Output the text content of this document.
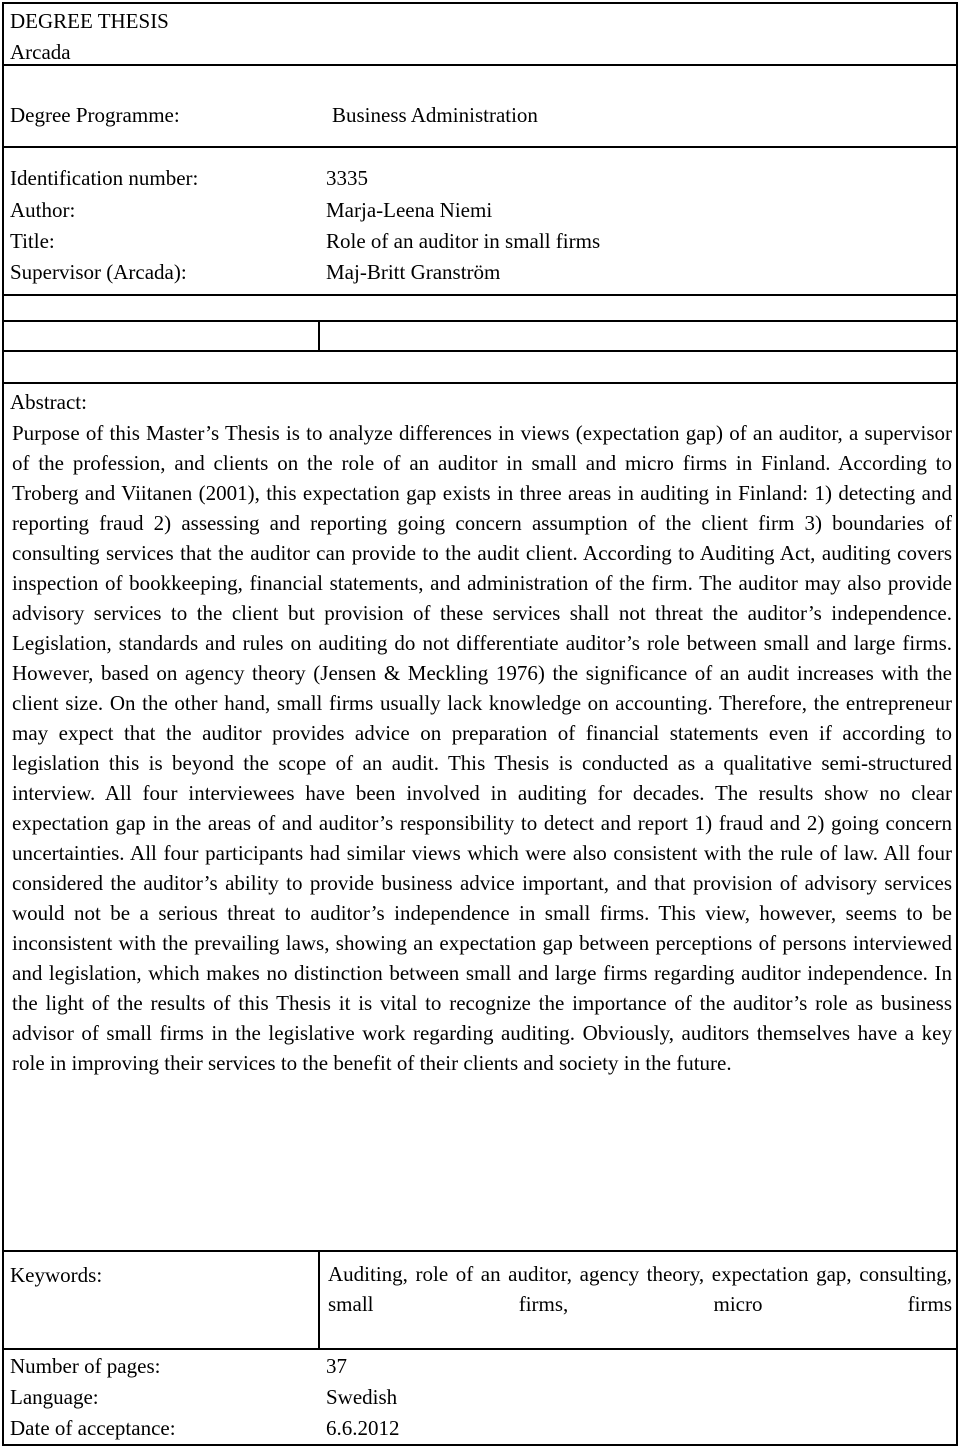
DEGREE THESIS
Arcada
Degree Programme:	Business Administration
Identification number:	3335
Author:	Marja-Leena Niemi
Title:	Role of an auditor in small firms
Supervisor (Arcada):	Maj-Britt Granström
Abstract:
Purpose of this Master’s Thesis is to analyze differences in views (expectation gap) of an auditor, a supervisor of the profession, and clients on the role of an auditor in small and micro firms in Finland. According to Troberg and Viitanen (2001), this expectation gap exists in three areas in auditing in Finland: 1) detecting and reporting fraud 2) assessing and reporting going concern assumption of the client firm 3) boundaries of consulting services that the auditor can provide to the audit client. According to Auditing Act, auditing covers inspection of bookkeeping, financial statements, and administration of the firm. The auditor may also provide advisory services to the client but provision of these services shall not threat the auditor’s independence. Legislation, standards and rules on auditing do not differentiate auditor’s role between small and large firms. However, based on agency theory (Jensen & Meckling 1976) the significance of an audit increases with the client size. On the other hand, small firms usually lack knowledge on accounting. Therefore, the entrepreneur may expect that the auditor provides advice on preparation of financial statements even if according to legislation this is beyond the scope of an audit. This Thesis is conducted as a qualitative semi-structured interview. All four interviewees have been involved in auditing for decades. The results show no clear expectation gap in the areas of and auditor’s responsibility to detect and report 1) fraud and 2) going concern uncertainties. All four participants had similar views which were also consistent with the rule of law. All four considered the auditor’s ability to provide business advice important, and that provision of advisory services would not be a serious threat to auditor’s independence in small firms. This view, however, seems to be inconsistent with the prevailing laws, showing an expectation gap between perceptions of persons interviewed and legislation, which makes no distinction between small and large firms regarding auditor independence. In the light of the results of this Thesis it is vital to recognize the importance of the auditor’s role as business advisor of small firms in the legislative work regarding auditing. Obviously, auditors themselves have a key role in improving their services to the benefit of their clients and society in the future.
Keywords:	Auditing, role of an auditor, agency theory, expectation gap, consulting, small firms, micro firms
Number of pages:	37
Language:	Swedish
Date of acceptance:	6.6.2012
